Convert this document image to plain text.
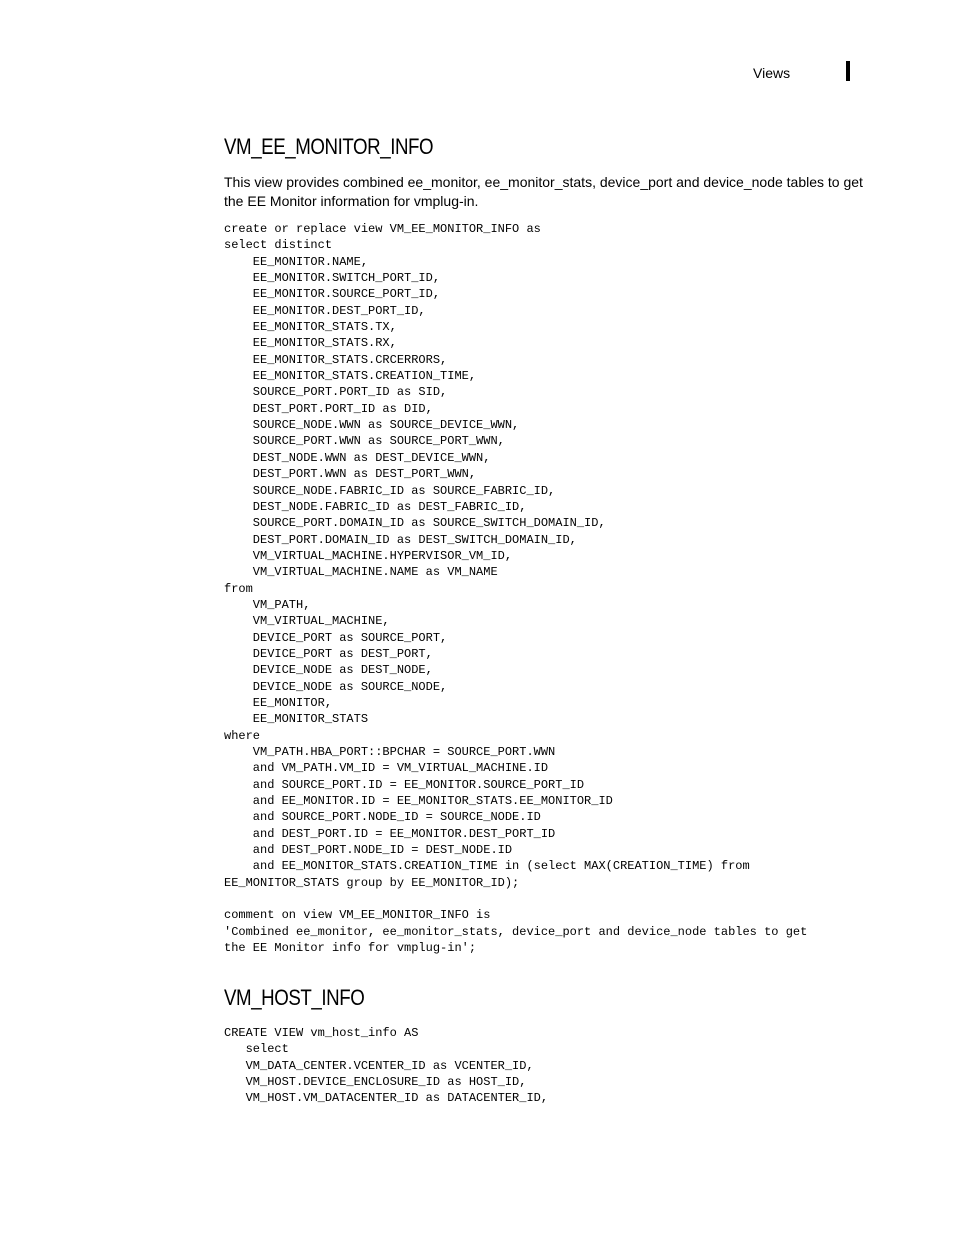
Views
VM_EE_MONITOR_INFO

This view provides combined ee_monitor, ee_monitor_stats, device_port and device_node tables to get the EE Monitor information for vmplug-in.

create or replace view VM_EE_MONITOR_INFO as
select distinct
EE_MONITOR.NAME,
EE_MONITOR.SWITCH_PORT_ID,
EE_MONITOR.SOURCE_PORT_ID,
EE_MONITOR.DEST_PORT_ID,
EE_MONITOR_STATS.TX,
EE_MONITOR_STATS.RX,
EE_MONITOR_STATS.CRCERRORS,
EE_MONITOR_STATS.CREATION_TIME,
SOURCE_PORT.PORT_ID as SID,
DEST_PORT.PORT_ID as DID,
SOURCE_NODE.WWN as SOURCE_DEVICE_WWN,
SOURCE_PORT.WWN as SOURCE_PORT_WWN,
DEST_NODE.WWN as DEST_DEVICE_WWN,
DEST_PORT.WWN as DEST_PORT_WWN,
SOURCE_NODE.FABRIC_ID as SOURCE_FABRIC_ID,
DEST_NODE.FABRIC_ID as DEST_FABRIC_ID,
SOURCE_PORT.DOMAIN_ID as SOURCE_SWITCH_DOMAIN_ID,
DEST_PORT.DOMAIN_ID as DEST_SWITCH_DOMAIN_ID,
VM_VIRTUAL_MACHINE.HYPERVISOR_VM_ID,
VM_VIRTUAL_MACHINE.NAME as VM_NAME
from
VM_PATH,
VM_VIRTUAL_MACHINE,
DEVICE_PORT as SOURCE_PORT,
DEVICE_PORT as DEST_PORT,
DEVICE_NODE as DEST_NODE,
DEVICE_NODE as SOURCE_NODE,
EE_MONITOR,
EE_MONITOR_STATS
where
VM_PATH.HBA_PORT::BPCHAR = SOURCE_PORT.WWN
and VM_PATH.VM_ID = VM_VIRTUAL_MACHINE.ID
and SOURCE_PORT.ID = EE_MONITOR.SOURCE_PORT_ID
and EE_MONITOR.ID = EE_MONITOR_STATS.EE_MONITOR_ID
and SOURCE_PORT.NODE_ID = SOURCE_NODE.ID
and DEST_PORT.ID = EE_MONITOR.DEST_PORT_ID
and DEST_PORT.NODE_ID = DEST_NODE.ID
and EE_MONITOR_STATS.CREATION_TIME in (select MAX(CREATION_TIME) from
EE_MONITOR_STATS group by EE_MONITOR_ID);

comment on view VM_EE_MONITOR_INFO is
'Combined ee_monitor, ee_monitor_stats, device_port and device_node tables to get
the EE Monitor info for vmplug-in';
VM_HOST_INFO
CREATE VIEW vm_host_info AS
select
VM_DATA_CENTER.VCENTER_ID as VCENTER_ID,
VM_HOST.DEVICE_ENCLOSURE_ID as HOST_ID,
VM_HOST.VM_DATACENTER_ID as DATACENTER_ID,
